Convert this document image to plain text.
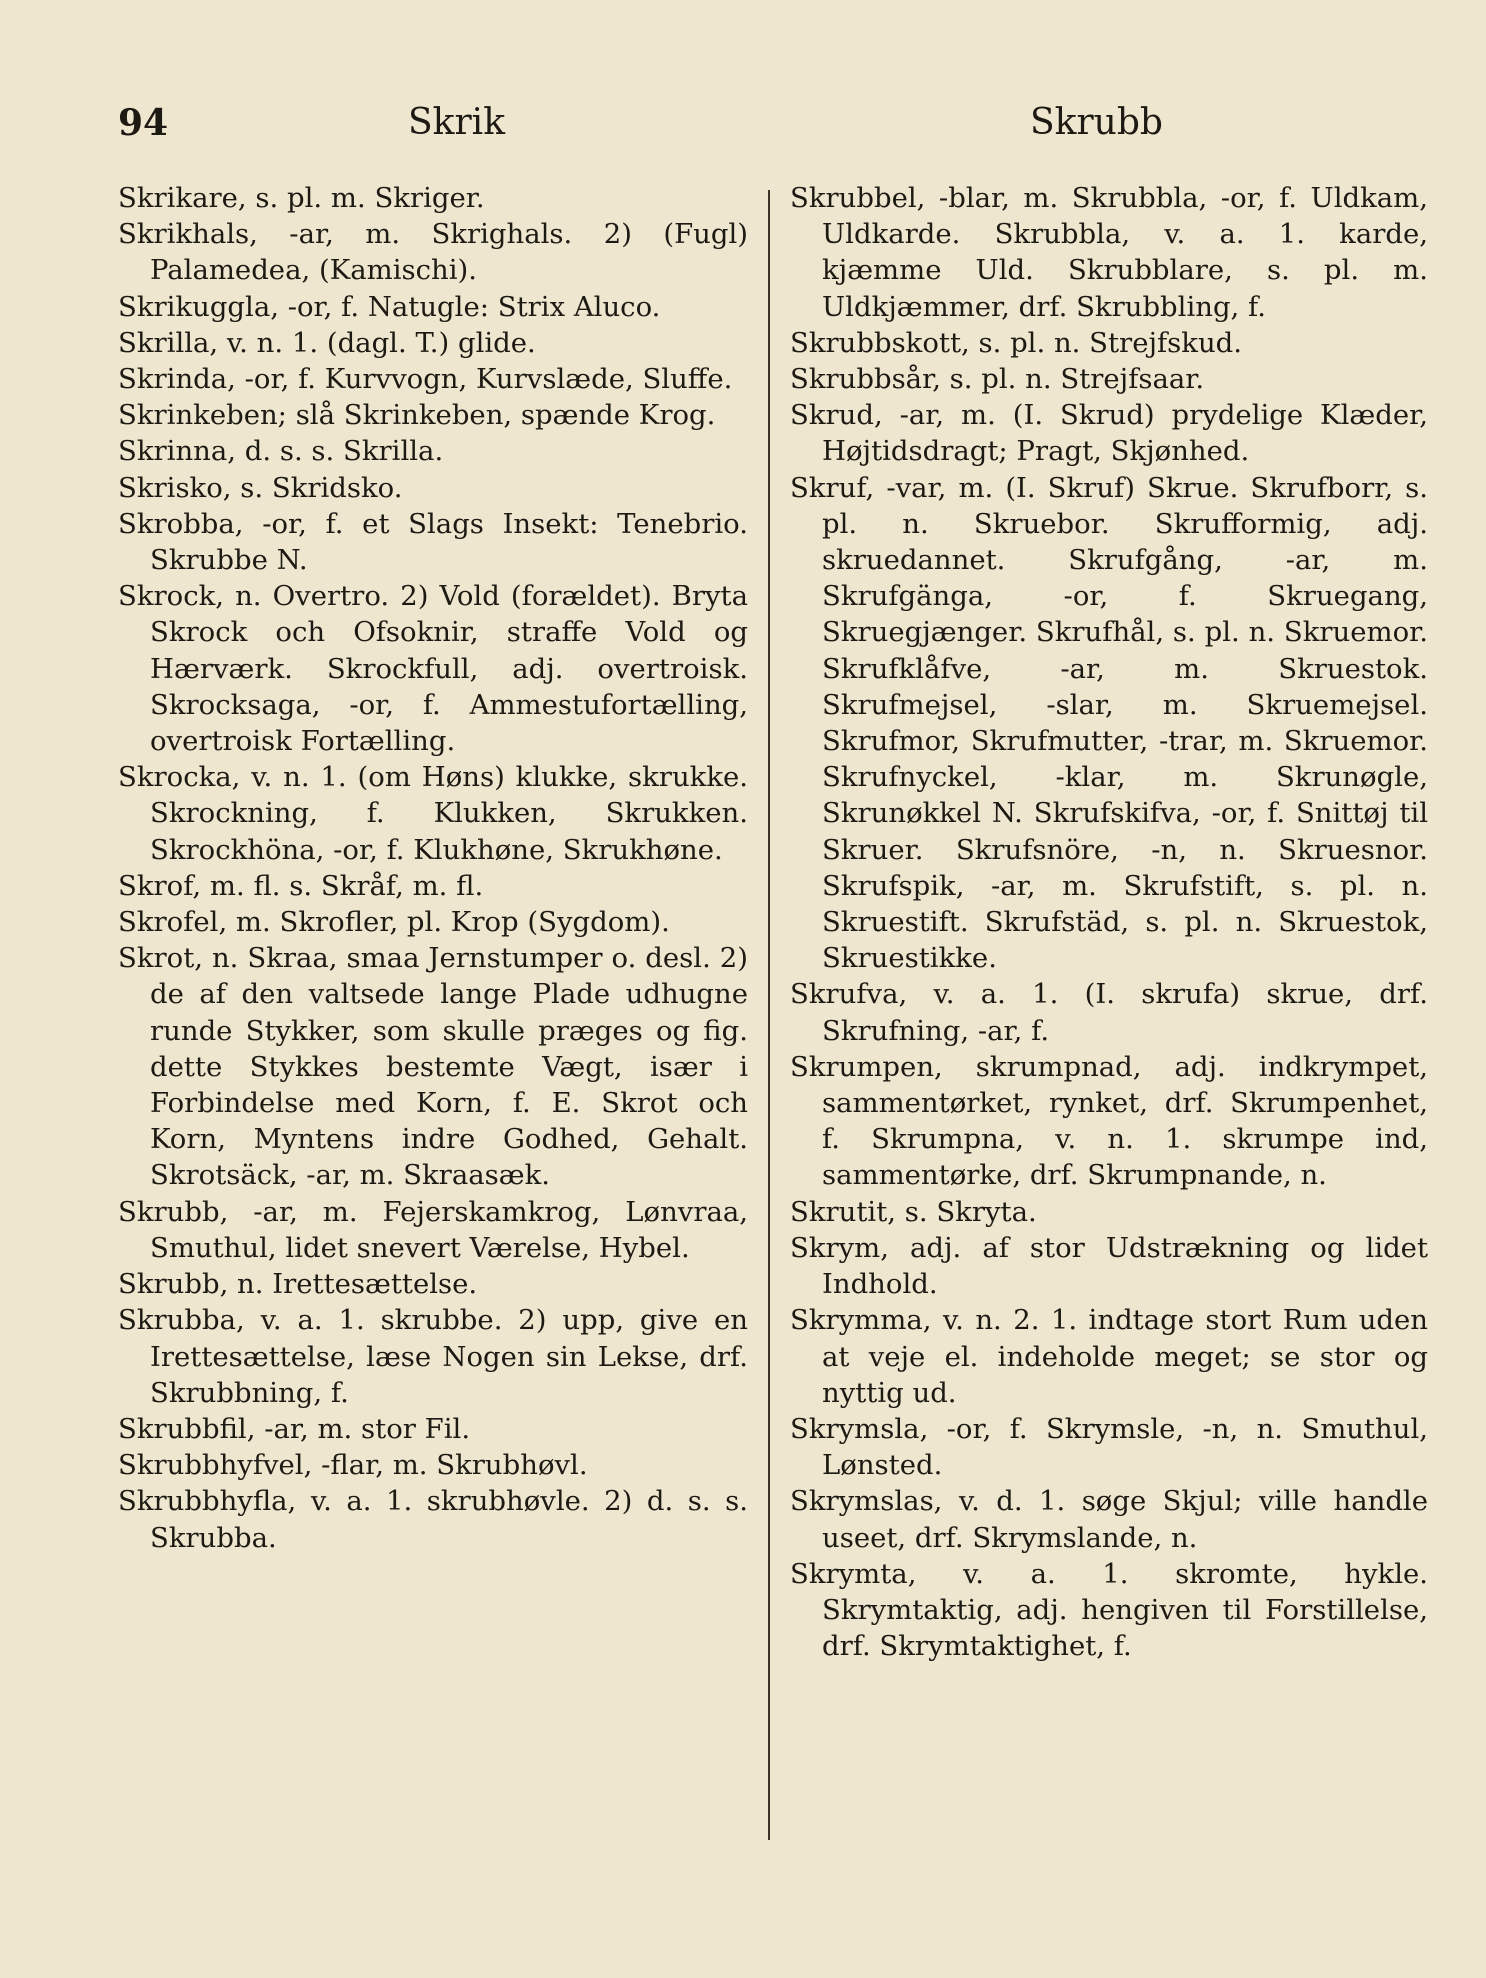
94	Skrik	Skrubb
Skrikare, s. pl. m. Skriger.
Skrikhals, -ar, m. Skrighals. 2) (Fugl) Palamedea, (Kamischi).
Skrikuggla, -or, f. Natugle: Strix Aluco.
Skrilla, v. n. 1. (dagl. T.) glide.
Skrinda, -or, f. Kurvvogn, Kurvslæde, Sluffe.
Skrinkeben; slå Skrinkeben, spænde Krog.
Skrinna, d. s. s. Skrilla.
Skrisko, s. Skridsko.
Skrobba, -or, f. et Slags Insekt: Tenebrio. Skrubbe N.
Skrock, n. Overtro. 2) Vold (forældet). Bryta Skrock och Ofsoknir, straffe Vold og Hærværk. Skrockfull, adj. overtroisk. Skrocksaga, -or, f. Ammestufortælling, overtroisk Fortælling.
Skrocka, v. n. 1. (om Høns) klukke, skrukke. Skrockning, f. Klukken, Skrukken. Skrockhöna, -or, f. Klukhøne, Skrukhøne.
Skrof, m. fl. s. Skråf, m. fl.
Skrofel, m. Skrofler, pl. Krop (Sygdom).
Skrot, n. Skraa, smaa Jernstumper o. desl. 2) de af den valtsede lange Plade udhugne runde Stykker, som skulle præges og fig. dette Stykkes bestemte Vægt, især i Forbindelse med Korn, f. E. Skrot och Korn, Myntens indre Godhed, Gehalt. Skrotsäck, -ar, m. Skraasæk.
Skrubb, -ar, m. Fejerskamkrog, Lønvraa, Smuthul, lidet snevert Værelse, Hybel.
Skrubb, n. Irettesættelse.
Skrubba, v. a. 1. skrubbe. 2) upp, give en Irettesættelse, læse Nogen sin Lekse, drf. Skrubbning, f.
Skrubbfil, -ar, m. stor Fil.
Skrubbhyfvel, -flar, m. Skrubhøvl.
Skrubbhyfla, v. a. 1. skrubhøvle. 2) d. s. s. Skrubba.
Skrubbel, -blar, m. Skrubbla, -or, f. Uldkam, Uldkarde. Skrubbla, v. a. 1. karde, kjæmme Uld. Skrubblare, s. pl. m. Uldkjæmmer, drf. Skrubbling, f.
Skrubbskott, s. pl. n. Strejfskud.
Skrubbsår, s. pl. n. Strejfsaar.
Skrud, -ar, m. (I. Skrud) prydelige Klæder, Højtidsdragt; Pragt, Skjønhed.
Skruf, -var, m. (I. Skruf) Skrue. Skrufborr, s. pl. n. Skruebor. Skrufformig, adj. skruedannet. Skrufgång, -ar, m. Skrufgänga, -or, f. Skruegang, Skruegjænger. Skrufhål, s. pl. n. Skruemor. Skrufklåfve, -ar, m. Skruestok. Skrufmejsel, -slar, m. Skruemejsel. Skrufmor, Skrufmutter, -trar, m. Skruemor. Skrufnyckel, -klar, m. Skrunøgle, Skrunøkkel N. Skrufskifva, -or, f. Snittøj til Skruer. Skrufsnöre, -n, n. Skruesnor. Skrufspik, -ar, m. Skrufstift, s. pl. n. Skruestift. Skrufstäd, s. pl. n. Skruestok, Skruestikke.
Skrufva, v. a. 1. (I. skrufa) skrue, drf. Skrufning, -ar, f.
Skrumpen, skrumpnad, adj. indkrympet, sammentørket, rynket, drf. Skrumpenhet, f. Skrumpna, v. n. 1. skrumpe ind, sammentørke, drf. Skrumpnande, n.
Skrutit, s. Skryta.
Skrym, adj. af stor Udstrækning og lidet Indhold.
Skrymma, v. n. 2. 1. indtage stort Rum uden at veje el. indeholde meget; se stor og nyttig ud.
Skrymsla, -or, f. Skrymsle, -n, n. Smuthul, Lønsted.
Skrymslas, v. d. 1. søge Skjul; ville handle useet, drf. Skrymslande, n.
Skrymta, v. a. 1. skromte, hykle. Skrymtaktig, adj. hengiven til Forstillelse, drf. Skrymtaktighet, f.
